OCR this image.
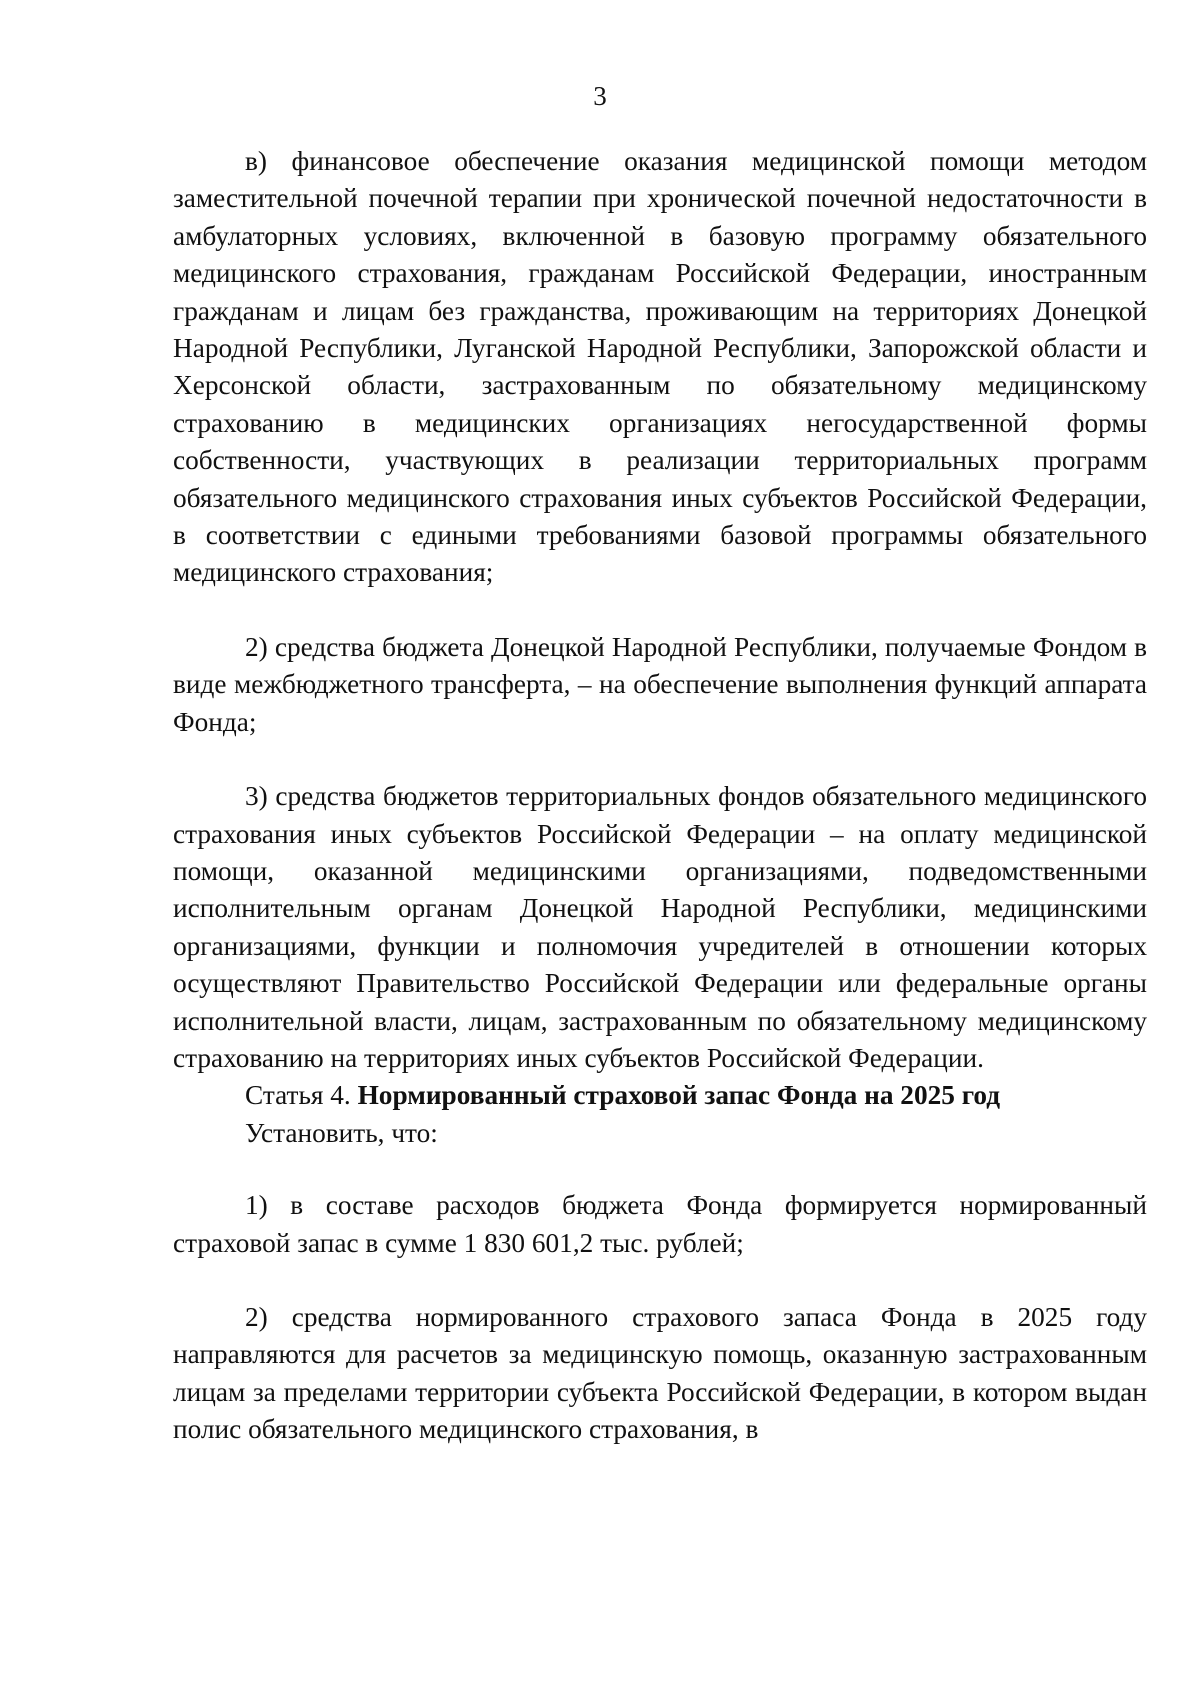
3

в) финансовое обеспечение оказания медицинской помощи методом заместительной почечной терапии при хронической почечной недостаточности в амбулаторных условиях, включенной в базовую программу обязательного медицинского страхования, гражданам Российской Федерации, иностранным гражданам и лицам без гражданства, проживающим на территориях Донецкой Народной Республики, Луганской Народной Республики, Запорожской области и Херсонской области, застрахованным по обязательному медицинскому страхованию в медицинских организациях негосударственной формы собственности, участвующих в реализации территориальных программ обязательного медицинского страхования иных субъектов Российской Федерации, в соответствии с едиными требованиями базовой программы обязательного медицинского страхования;

2) средства бюджета Донецкой Народной Республики, получаемые Фондом в виде межбюджетного трансферта, – на обеспечение выполнения функций аппарата Фонда;

3) средства бюджетов территориальных фондов обязательного медицинского страхования иных субъектов Российской Федерации – на оплату медицинской помощи, оказанной медицинскими организациями, подведомственными исполнительным органам Донецкой Народной Республики, медицинскими организациями, функции и полномочия учредителей в отношении которых осуществляют Правительство Российской Федерации или федеральные органы исполнительной власти, лицам, застрахованным по обязательному медицинскому страхованию на территориях иных субъектов Российской Федерации.

Статья 4. Нормированный страховой запас Фонда на 2025 год

Установить, что:

1) в составе расходов бюджета Фонда формируется нормированный страховой запас в сумме 1 830 601,2 тыс. рублей;

2) средства нормированного страхового запаса Фонда в 2025 году направляются для расчетов за медицинскую помощь, оказанную застрахованным лицам за пределами территории субъекта Российской Федерации, в котором выдан полис обязательного медицинского страхования, в
